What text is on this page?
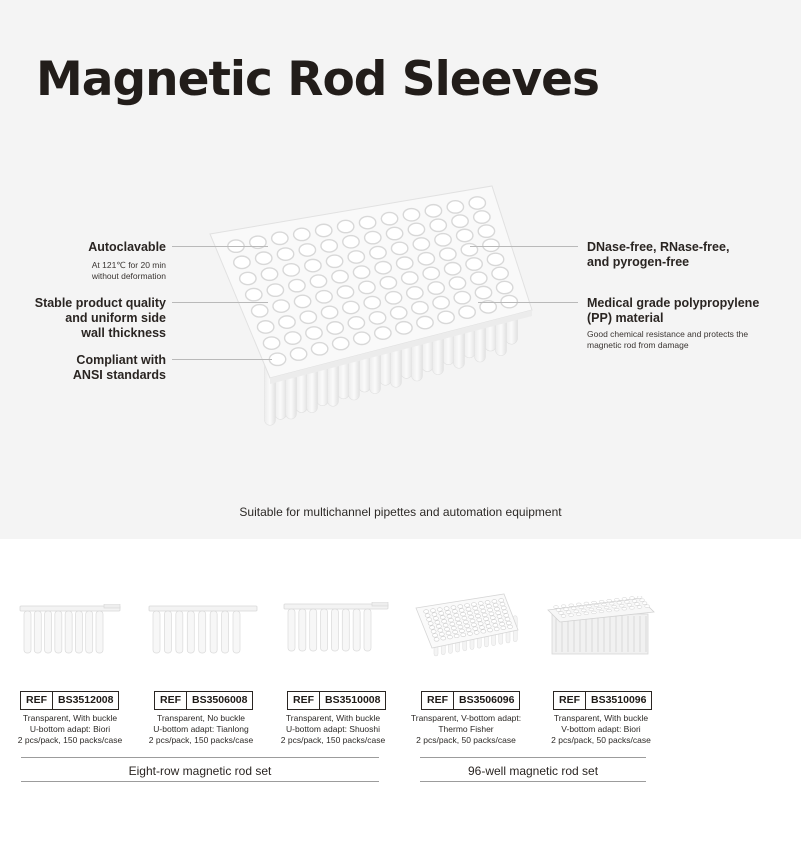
Magnetic Rod Sleeves
Autoclavable
At 121℃ for 20 min
without deformation
Stable product quality
and uniform side
wall thickness
Compliant with
ANSI standards
DNase-free, RNase-free,
and pyrogen-free
Medical grade polypropylene
(PP) material
Good chemical resistance and protects the
magnetic rod from damage
Suitable for multichannel pipettes and automation equipment
REF	BS3512008	REF	BS3506008	REF	BS3510008	REF	BS3506096	REF	BS3510096
Transparent, With buckle
U-bottom adapt: Biori
2 pcs/pack, 150 packs/case
Transparent, No buckle
U-bottom adapt: Tianlong
2 pcs/pack, 150 packs/case
Transparent, With buckle
U-bottom adapt: Shuoshi
2 pcs/pack, 150 packs/case
Transparent, V-bottom adapt:
Thermo Fisher
2 pcs/pack, 50 packs/case
Transparent, With buckle
V-bottom adapt: Biori
2 pcs/pack, 50 packs/case
Eight-row magnetic rod set	96-well magnetic rod set
